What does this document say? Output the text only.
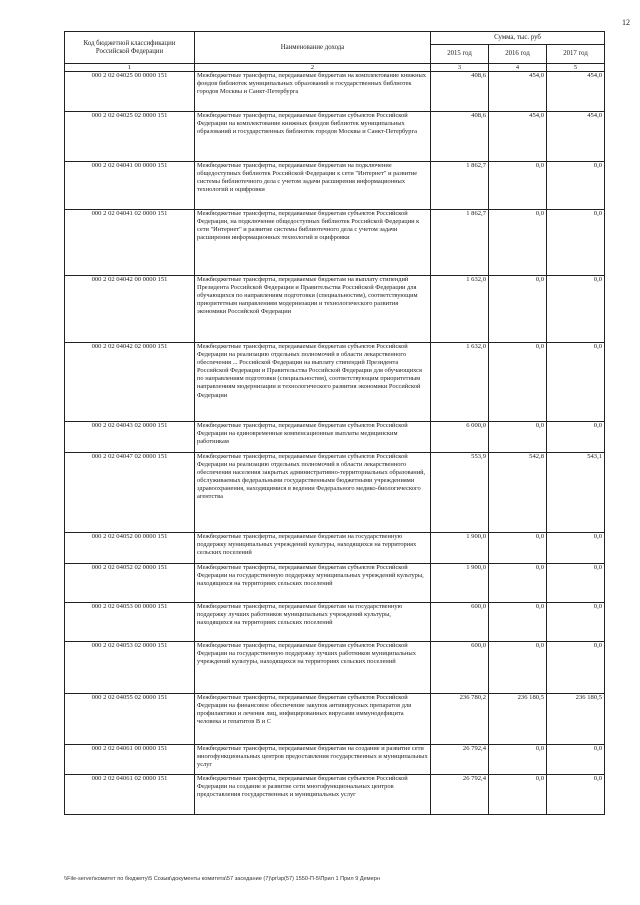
12
Код бюджетной классификации Российской Федерации	Наименование дохода	Сумма, тыс. руб		
		2015 год	2016 год	2017 год
1	2	3	4	5
000 2 02 04025 00 0000 151	Межбюджетные трансферты, передаваемые бюджетам на комплектование книжных фондов библиотек муниципальных образований и государственных библиотек городов Москвы и Санкт-Петербурга	408,6	454,0	454,0
000 2 02 04025 02 0000 151	Межбюджетные трансферты, передаваемые бюджетам субъектов Российской Федерации на комплектование книжных фондов библиотек муниципальных образований и государственных библиотек городов Москвы и Санкт-Петербурга	408,6	454,0	454,0
000 2 02 04041 00 0000 151	Межбюджетные трансферты, передаваемые бюджетам на подключение общедоступных библиотек Российской Федерации к сети "Интернет" и развитие системы библиотечного дела с учетом задачи расширения информационных технологий и оцифровки	1 862,7	0,0	0,0
000 2 02 04041 02 0000 151	Межбюджетные трансферты, передаваемые бюджетам субъектов Российской Федерации, на подключение общедоступных библиотек Российской Федерации к сети "Интернет" и развитие системы библиотечного дела с учетом задачи расширения информационных технологий и оцифровки	1 862,7	0,0	0,0
000 2 02 04042 00 0000 151	Межбюджетные трансферты, передаваемые бюджетам на выплату стипендий Президента Российской Федерации и Правительства Российской Федерации для обучающихся по направлениям подготовки (специальностям), соответствующим приоритетным направлениям модернизации и технологического развития экономики Российской Федерации	1 632,0	0,0	0,0
000 2 02 04042 02 0000 151	Межбюджетные трансферты, передаваемые бюджетам субъектов Российской Федерации на реализацию отдельных полномочий в области лекарственного обеспечения ... Российской Федерации на выплату стипендий Президента Российской Федерации и Правительства Российской Федерации для обучающихся по направлениям подготовки (специальностям), соответствующим приоритетным направлениям модернизации и технологического развития экономики Российской Федерации	1 632,0	0,0	0,0
000 2 02 04043 02 0000 151	Межбюджетные трансферты, передаваемые бюджетам субъектов Российской Федерации на единовременные компенсационные выплаты медицинским работникам	6 000,0	0,0	0,0
000 2 02 04047 02 0000 151	Межбюджетные трансферты, передаваемые бюджетам субъектов Российской Федерации на реализацию отдельных полномочий в области лекарственного обеспечения населения закрытых административно-территориальных образований, обслуживаемых федеральными государственными бюджетными учреждениями здравоохранения, находящимися в ведении Федерального медико-биологического агентства	553,9	542,8	543,1
000 2 02 04052 00 0000 151	Межбюджетные трансферты, передаваемые бюджетам на государственную поддержку муниципальных учреждений культуры, находящихся на территориях сельских поселений	1 900,0	0,0	0,0
000 2 02 04052 02 0000 151	Межбюджетные трансферты, передаваемые бюджетам субъектов Российской Федерации на государственную поддержку муниципальных учреждений культуры, находящихся на территориях сельских поселений	1 900,0	0,0	0,0
000 2 02 04053 00 0000 151	Межбюджетные трансферты, передаваемые бюджетам на государственную поддержку лучших работников муниципальных учреждений культуры, находящихся на территориях сельских поселений	600,0	0,0	0,0
000 2 02 04053 02 0000 151	Межбюджетные трансферты, передаваемые бюджетам субъектов Российской Федерации на государственную поддержку лучших работников муниципальных учреждений культуры, находящихся на территориях сельских поселений	600,0	0,0	0,0
000 2 02 04055 02 0000 151	Межбюджетные трансферты, передаваемые бюджетам субъектов Российской Федерации на финансовое обеспечение закупок антивирусных препаратов для профилактики и лечения лиц, инфицированных вирусами иммунодефицита человека и гепатитов В и С	236 780,2	236 180,5	236 180,5
000 2 02 04061 00 0000 151	Межбюджетные трансферты, передаваемые бюджетам на создание и развитие сети многофункциональных центров предоставления государственных и муниципальных услуг	26 792,4	0,0	0,0
000 2 02 04061 02 0000 151	Межбюджетные трансферты, передаваемые бюджетам субъектов Российской Федерации на создание и развитие сети многофункциональных центров предоставления государственных и муниципальных услуг	26 792,4	0,0	0,0
\\File-server\комитет по бюджету\5 Созыв\документы комитета\57 заседание (7)\pr\зр(57) 1550-П-5\Прил 1 Прил 9 Демерн
